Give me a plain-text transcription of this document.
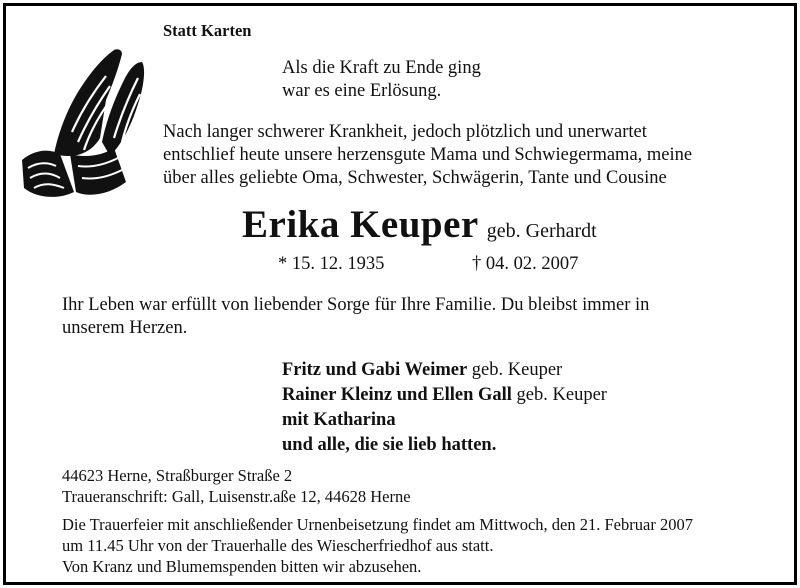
Statt Karten
Als die Kraft zu Ende ging
war es eine Erlösung.
Nach langer schwerer Krankheit, jedoch plötzlich und unerwartet
entschlief heute unsere herzensgute Mama und Schwiegermama, meine
über alles geliebte Oma, Schwester, Schwägerin, Tante und Cousine
Erika Keuper geb. Gerhardt
* 15. 12. 1935	† 04. 02. 2007
Ihr Leben war erfüllt von liebender Sorge für Ihre Familie. Du bleibst immer in
unserem Herzen.
Fritz und Gabi Weimer geb. Keuper
Rainer Kleinz und Ellen Gall geb. Keuper
mit Katharina
und alle, die sie lieb hatten.
44623 Herne, Straßburger Straße 2
Traueranschrift: Gall, Luisenstr.aße 12, 44628 Herne
Die Trauerfeier mit anschließender Urnenbeisetzung findet am Mittwoch, den 21. Februar 2007
um 11.45 Uhr von der Trauerhalle des Wiescherfriedhof aus statt.
Von Kranz und Blumemspenden bitten wir abzusehen.
